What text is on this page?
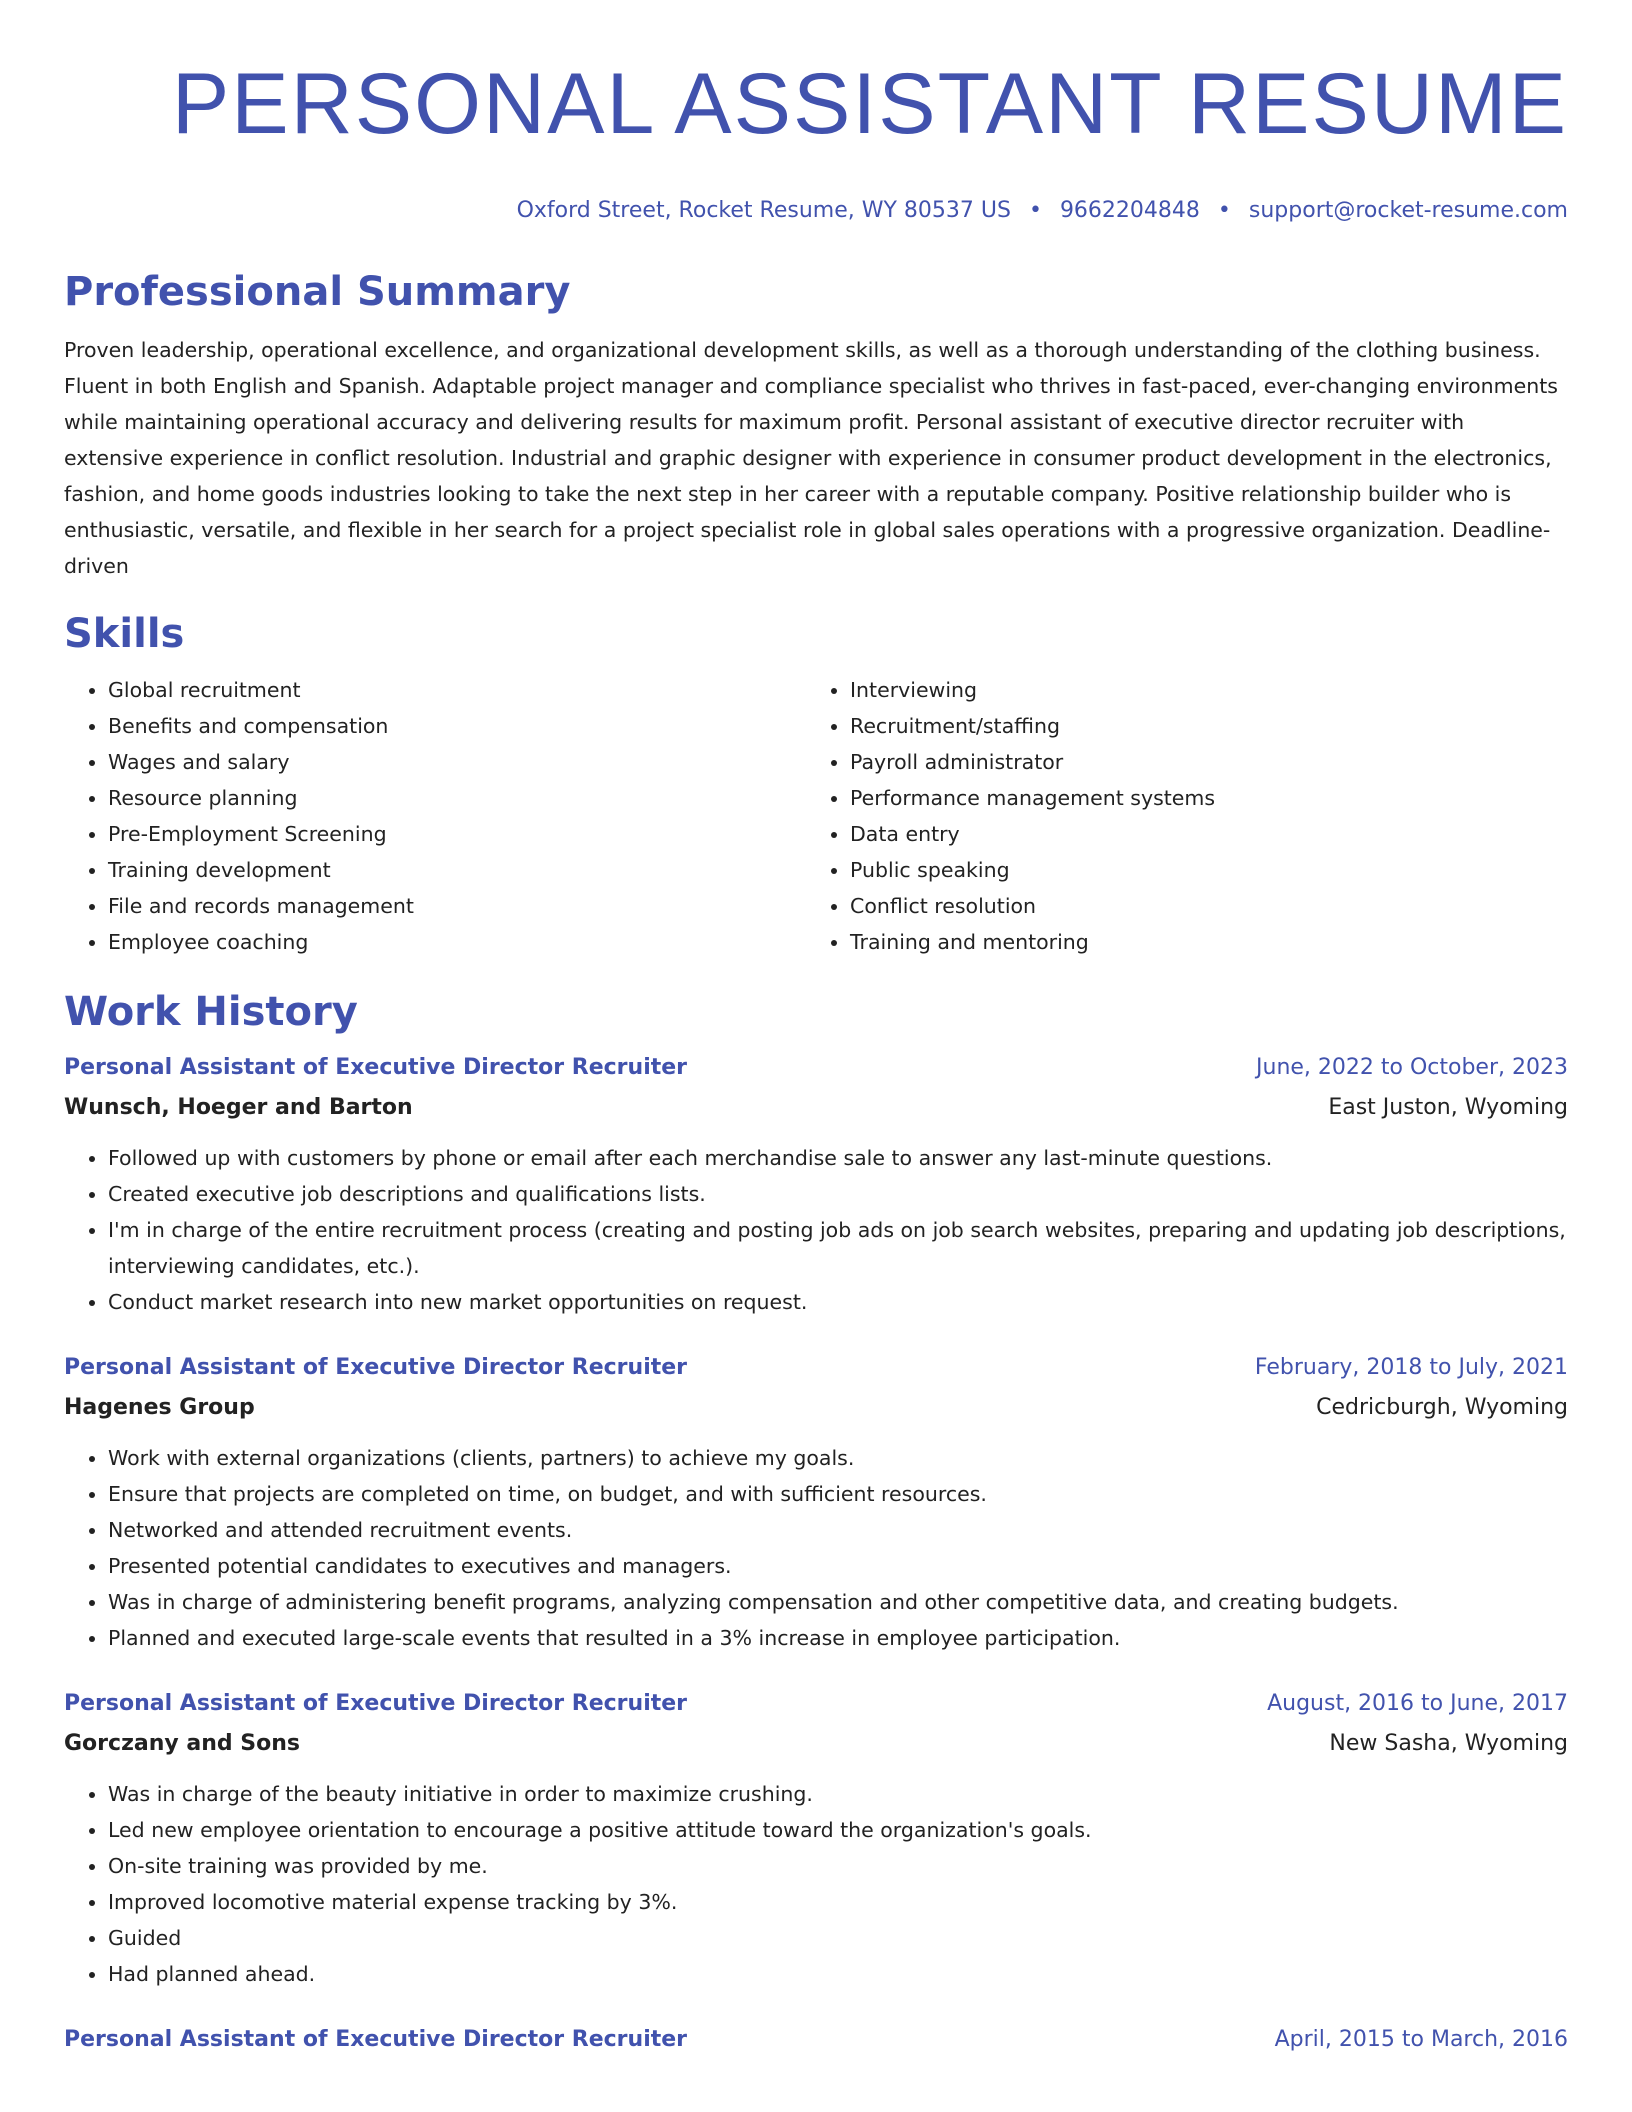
PERSONAL ASSISTANT RESUME
Oxford Street, Rocket Resume, WY 80537 US • 9662204848 • support@rocket-resume.com
Professional Summary

Proven leadership, operational excellence, and organizational development skills, as well as a thorough understanding of the clothing business. Fluent in both English and Spanish. Adaptable project manager and compliance specialist who thrives in fast-paced, ever-changing environments while maintaining operational accuracy and delivering results for maximum profit. Personal assistant of executive director recruiter with extensive experience in conflict resolution. Industrial and graphic designer with experience in consumer product development in the electronics, fashion, and home goods industries looking to take the next step in her career with a reputable company. Positive relationship builder who is enthusiastic, versatile, and flexible in her search for a project specialist role in global sales operations with a progressive organization. Deadline-driven

Skills
• Global recruitment
• Benefits and compensation
• Wages and salary
• Resource planning
• Pre-Employment Screening
• Training development
• File and records management
• Employee coaching
• Interviewing
• Recruitment/staffing
• Payroll administrator
• Performance management systems
• Data entry
• Public speaking
• Conflict resolution
• Training and mentoring
Work History
Personal Assistant of Executive Director Recruiter	June, 2022 to October, 2023
Wunsch, Hoeger and Barton	East Juston, Wyoming
• Followed up with customers by phone or email after each merchandise sale to answer any last-minute questions.
• Created executive job descriptions and qualifications lists.
• I'm in charge of the entire recruitment process (creating and posting job ads on job search websites, preparing and updating job descriptions, interviewing candidates, etc.).
• Conduct market research into new market opportunities on request.
Personal Assistant of Executive Director Recruiter	February, 2018 to July, 2021
Hagenes Group	Cedricburgh, Wyoming
• Work with external organizations (clients, partners) to achieve my goals.
• Ensure that projects are completed on time, on budget, and with sufficient resources.
• Networked and attended recruitment events.
• Presented potential candidates to executives and managers.
• Was in charge of administering benefit programs, analyzing compensation and other competitive data, and creating budgets.
• Planned and executed large-scale events that resulted in a 3% increase in employee participation.
Personal Assistant of Executive Director Recruiter	August, 2016 to June, 2017
Gorczany and Sons	New Sasha, Wyoming
• Was in charge of the beauty initiative in order to maximize crushing.
• Led new employee orientation to encourage a positive attitude toward the organization's goals.
• On-site training was provided by me.
• Improved locomotive material expense tracking by 3%.
• Guided
• Had planned ahead.
Personal Assistant of Executive Director Recruiter	April, 2015 to March, 2016
